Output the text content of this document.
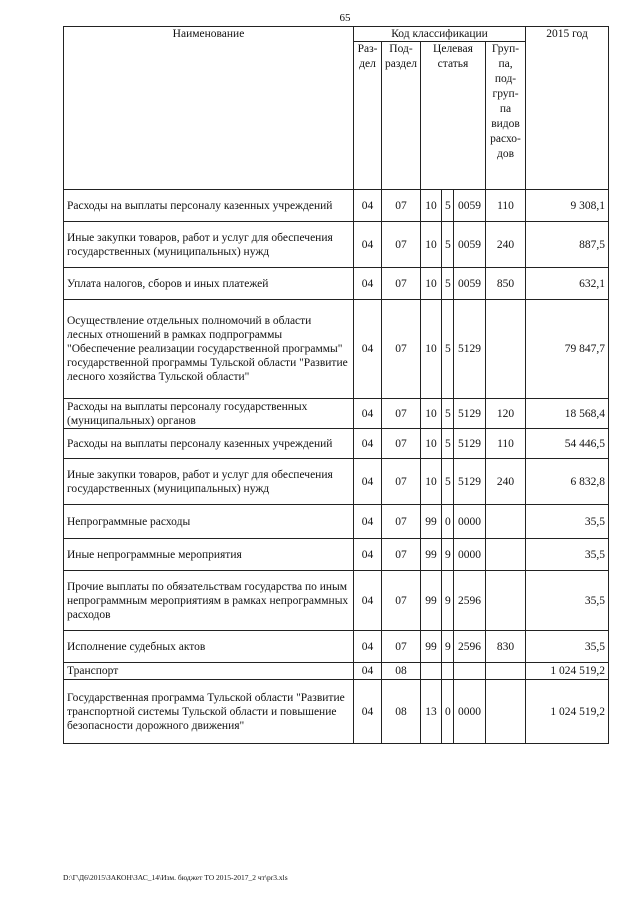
65
Наименование	Код классификации						2015 год
	Раз-дел	Под-раздел	Целевая статья			Груп-па, под-груп-па видов расхо-дов	
Расходы на выплаты персоналу казенных учреждений	04	07	10	5	0059	110	9 308,1
Иные закупки товаров, работ и услуг для обеспечения государственных (муниципальных) нужд	04	07	10	5	0059	240	887,5
Уплата налогов, сборов и иных платежей	04	07	10	5	0059	850	632,1
Осуществление отдельных полномочий в области лесных отношений в рамках подпрограммы "Обеспечение реализации государственной программы" государственной программы Тульской области "Развитие лесного хозяйства Тульской области"	04	07	10	5	5129		79 847,7
Расходы на выплаты персоналу государственных (муниципальных) органов	04	07	10	5	5129	120	18 568,4
Расходы на выплаты персоналу казенных учреждений	04	07	10	5	5129	110	54 446,5
Иные закупки товаров, работ и услуг для обеспечения государственных (муниципальных) нужд	04	07	10	5	5129	240	6 832,8
Непрограммные расходы	04	07	99	0	0000		35,5
Иные непрограммные мероприятия	04	07	99	9	0000		35,5
Прочие выплаты по обязательствам государства по иным непрограммным мероприятиям в рамках непрограммных расходов	04	07	99	9	2596		35,5
Исполнение судебных актов	04	07	99	9	2596	830	35,5
Транспорт	04	08					1 024 519,2
Государственная программа Тульской области "Развитие транспортной системы Тульской области и повышение безопасности дорожного движения"	04	08	13	0	0000		1 024 519,2
D:\Г\Д6\2015\ЗАКОН\ЗАС_14\Изм. бюджет ТО 2015-2017_2 чт\pr3.xls
